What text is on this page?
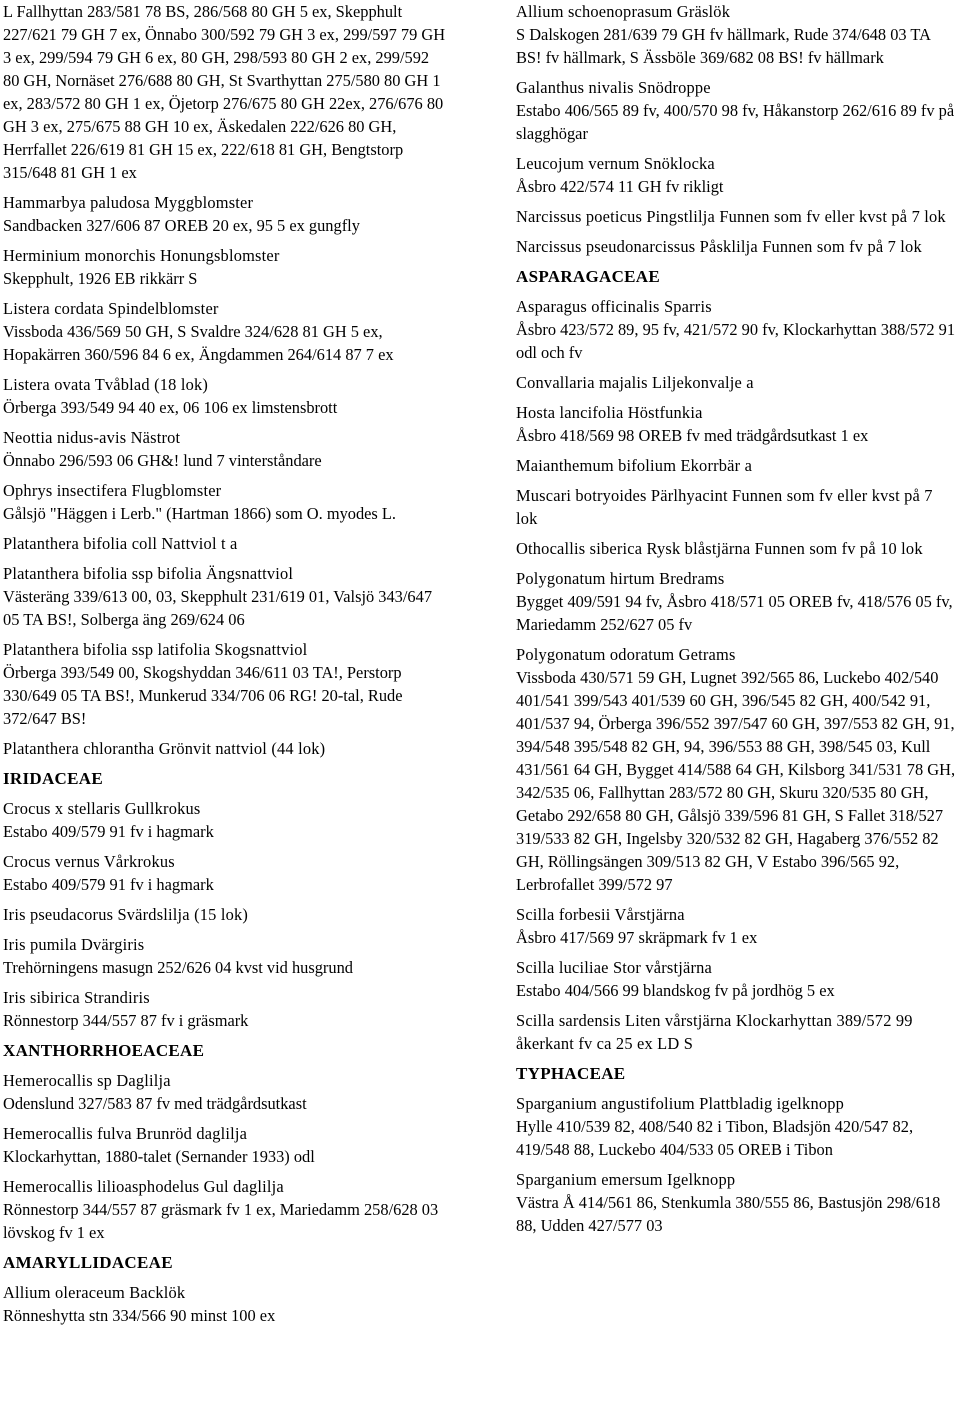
L Fallhyttan 283/581 78 BS, 286/568 80 GH 5 ex, Skepphult 227/621 79 GH 7 ex, Önnabo 300/592 79 GH 3 ex, 299/597 79 GH 3 ex, 299/594 79 GH 6 ex, 80 GH, 298/593 80 GH 2 ex, 299/592 80 GH, Nornäset 276/688 80 GH, St Svarthyttan 275/580 80 GH 1 ex, 283/572 80 GH 1 ex, Öjetorp 276/675 80 GH 22ex, 276/676 80 GH 3 ex, 275/675 88 GH 10 ex, Äskedalen 222/626 80 GH, Herrfallet 226/619 81 GH 15 ex, 222/618 81 GH, Bengtstorp 315/648 81 GH 1 ex
Hammarbya paludosa Myggblomster
Sandbacken 327/606 87 OREB 20 ex, 95 5 ex gungfly
Herminium monorchis Honungsblomster
Skepphult, 1926 EB rikkärr S
Listera cordata Spindelblomster
Vissboda 436/569 50 GH, S Svaldre 324/628 81 GH 5 ex, Hopakärren 360/596 84 6 ex, Ängdammen 264/614 87 7 ex
Listera ovata Tvåblad (18 lok)
Örberga 393/549 94 40 ex, 06 106 ex limstensbrott
Neottia nidus-avis Nästrot
Önnabo 296/593 06 GH&! lund 7 vinterståndare
Ophrys insectifera Flugblomster
Gålsjö "Häggen i Lerb." (Hartman 1866) som O. myodes L.
Platanthera bifolia coll Nattviol t a
Platanthera bifolia ssp bifolia Ängsnattviol
Västeräng 339/613 00, 03, Skepphult 231/619 01, Valsjö 343/647 05 TA BS!, Solberga äng 269/624 06
Platanthera bifolia ssp latifolia Skogsnattviol
Örberga 393/549 00, Skogshyddan 346/611 03 TA!, Perstorp 330/649 05 TA BS!, Munkerud 334/706 06 RG! 20-tal, Rude 372/647 BS!
Platanthera chlorantha Grönvit nattviol (44 lok)
IRIDACEAE
Crocus x stellaris Gullkrokus
Estabo 409/579 91 fv i hagmark
Crocus vernus Vårkrokus
Estabo 409/579 91 fv i hagmark
Iris pseudacorus Svärdslilja (15 lok)
Iris pumila Dvärgiris
Trehörningens masugn 252/626 04 kvst vid husgrund
Iris sibirica Strandiris
Rönnestorp 344/557 87 fv i gräsmark
XANTHORRHOEACEAE
Hemerocallis sp Daglilja
Odenslund 327/583 87 fv med trädgårdsutkast
Hemerocallis fulva Brunröd daglilja
Klockarhyttan, 1880-talet (Sernander 1933) odl
Hemerocallis lilioasphodelus Gul daglilja
Rönnestorp 344/557 87 gräsmark fv 1 ex, Mariedamm 258/628 03 lövskog fv 1 ex
AMARYLLIDACEAE
Allium oleraceum Backlök
Rönneshytta stn 334/566 90 minst 100 ex
Allium schoenoprasum Gräslök
S Dalskogen 281/639 79 GH fv hällmark, Rude 374/648 03 TA BS! fv hällmark, S Ässböle 369/682 08 BS! fv hällmark
Galanthus nivalis Snödroppe
Estabo 406/565 89 fv, 400/570 98 fv, Håkanstorp 262/616 89 fv på slagghögar
Leucojum vernum Snöklocka
Åsbro 422/574 11 GH fv rikligt
Narcissus poeticus Pingstlilja Funnen som fv eller kvst på 7 lok
Narcissus pseudonarcissus Påsklilja Funnen som fv på 7 lok
ASPARAGACEAE
Asparagus officinalis Sparris
Åsbro 423/572 89, 95 fv, 421/572 90 fv, Klockarhyttan 388/572 91 odl och fv
Convallaria majalis Liljekonvalje a
Hosta lancifolia Höstfunkia
Åsbro 418/569 98 OREB fv med trädgårdsutkast 1 ex
Maianthemum bifolium Ekorrbär a
Muscari botryoides Pärlhyacint Funnen som fv eller kvst på 7 lok
Othocallis siberica Rysk blåstjärna Funnen som fv på 10 lok
Polygonatum hirtum Bredrams
Bygget 409/591 94 fv, Åsbro 418/571 05 OREB fv, 418/576 05 fv, Mariedamm 252/627 05 fv
Polygonatum odoratum Getrams
Vissboda 430/571 59 GH, Lugnet 392/565 86, Luckebo 402/540 401/541 399/543 401/539 60 GH, 396/545 82 GH, 400/542 91, 401/537 94, Örberga 396/552 397/547 60 GH, 397/553 82 GH, 91, 394/548 395/548 82 GH, 94, 396/553 88 GH, 398/545 03, Kull 431/561 64 GH, Bygget 414/588 64 GH, Kilsborg 341/531 78 GH, 342/535 06, Fallhyttan 283/572 80 GH, Skuru 320/535 80 GH, Getabo 292/658 80 GH, Gålsjö 339/596 81 GH, S Fallet 318/527 319/533 82 GH, Ingelsby 320/532 82 GH, Hagaberg 376/552 82 GH, Röllingsängen 309/513 82 GH, V Estabo 396/565 92, Lerbrofallet 399/572 97
Scilla forbesii Vårstjärna
Åsbro 417/569 97 skräpmark fv 1 ex
Scilla luciliae Stor vårstjärna
Estabo 404/566 99 blandskog fv på jordhög 5 ex
Scilla sardensis Liten vårstjärna Klockarhyttan 389/572 99 åkerkant fv ca 25 ex LD S
TYPHACEAE
Sparganium angustifolium Plattbladig igelknopp
Hylle 410/539 82, 408/540 82 i Tibon, Bladsjön 420/547 82, 419/548 88, Luckebo 404/533 05 OREB i Tibon
Sparganium emersum Igelknopp
Västra Å 414/561 86, Stenkumla 380/555 86, Bastusjön 298/618 88, Udden 427/577 03
